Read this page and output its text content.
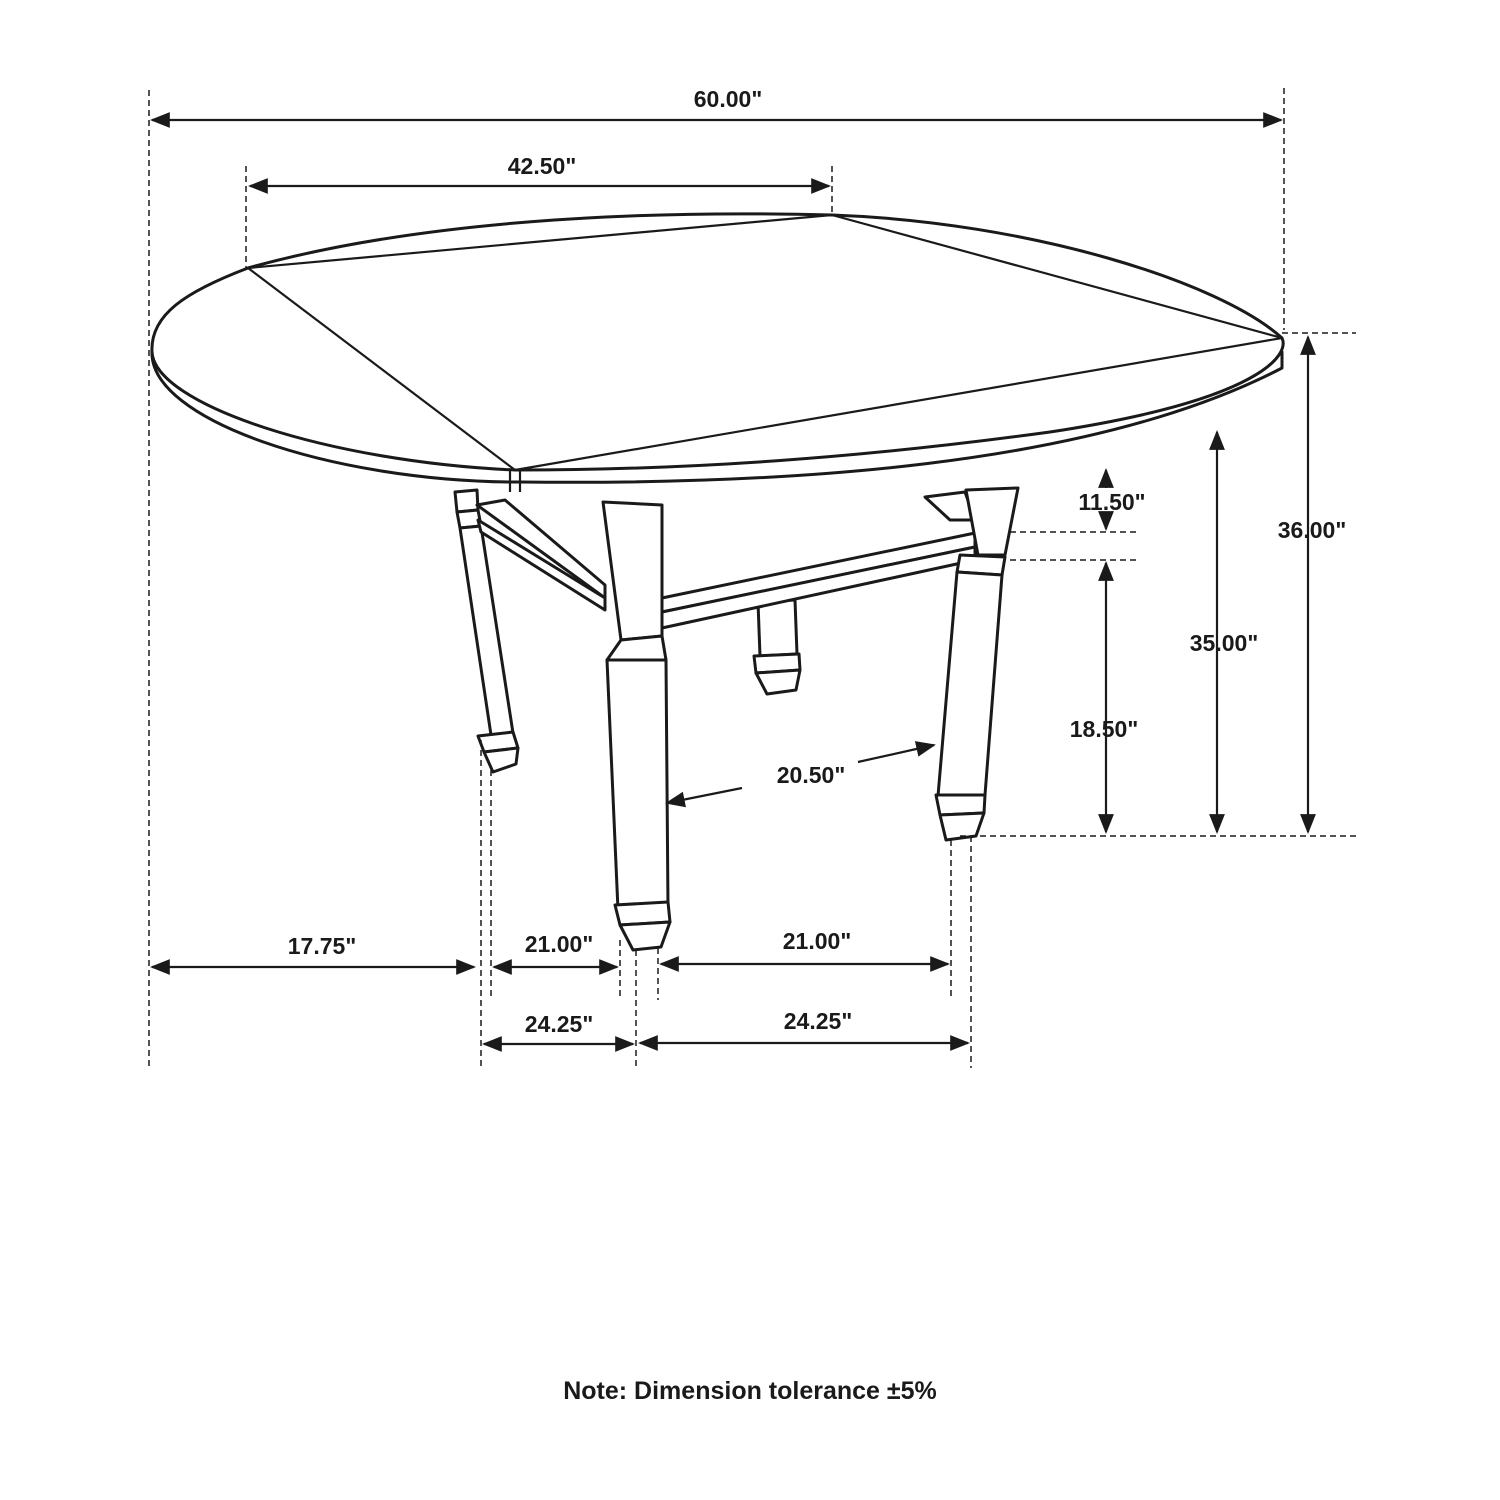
60.00"
42.50"
36.00"
35.00"
11.50"
18.50"
20.50"
17.75"	21.00"	21.00"
24.25"	24.25"
Note: Dimension tolerance ±5%
